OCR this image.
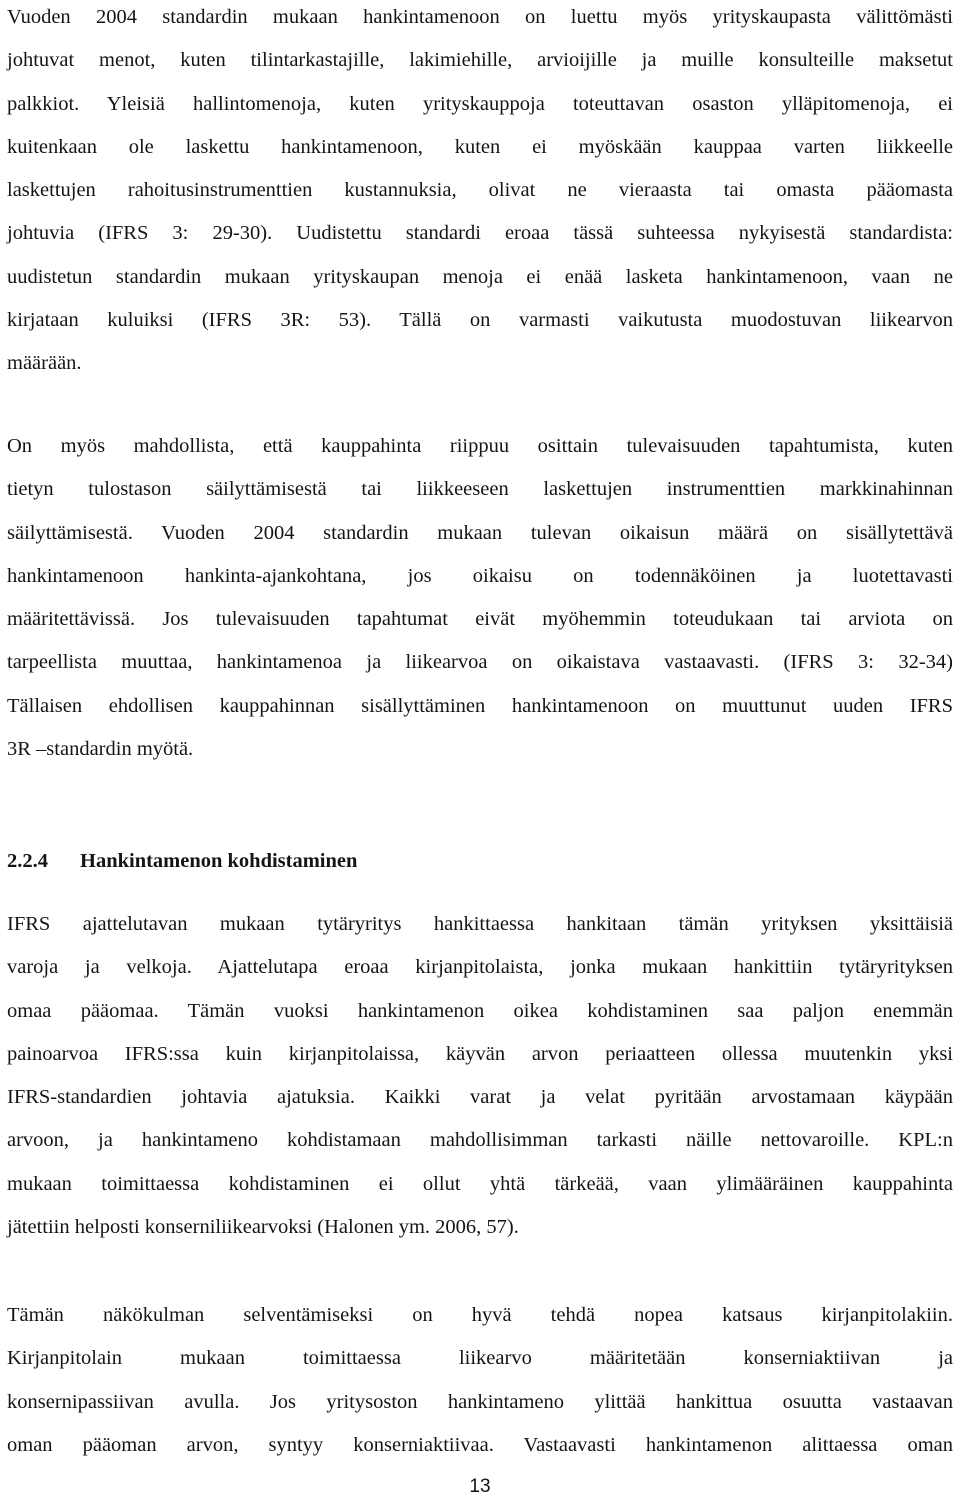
Vuoden 2004 standardin mukaan hankintamenoon on luettu myös yrityskaupasta välittömästi
johtuvat menot, kuten tilintarkastajille, lakimiehille, arvioijille ja muille konsulteille maksetut
palkkiot. Yleisiä hallintomenoja, kuten yrityskauppoja toteuttavan osaston ylläpitomenoja, ei
kuitenkaan ole laskettu hankintamenoon, kuten ei myöskään kauppaa varten liikkeelle
laskettujen rahoitusinstrumenttien kustannuksia, olivat ne vieraasta tai omasta pääomasta
johtuvia (IFRS 3: 29-30). Uudistettu standardi eroaa tässä suhteessa nykyisestä standardista:
uudistetun standardin mukaan yrityskaupan menoja ei enää lasketa hankintamenoon, vaan ne
kirjataan kuluiksi (IFRS 3R: 53). Tällä on varmasti vaikutusta muodostuvan liikearvon
määrään.

On myös mahdollista, että kauppahinta riippuu osittain tulevaisuuden tapahtumista, kuten
tietyn tulostason säilyttämisestä tai liikkeeseen laskettujen instrumenttien markkinahinnan
säilyttämisestä. Vuoden 2004 standardin mukaan tulevan oikaisun määrä on sisällytettävä
hankintamenoon hankinta-ajankohtana, jos oikaisu on todennäköinen ja luotettavasti
määritettävissä. Jos tulevaisuuden tapahtumat eivät myöhemmin toteudukaan tai arviota on
tarpeellista muuttaa, hankintamenoa ja liikearvoa on oikaistava vastaavasti. (IFRS 3: 32-34)
Tällaisen ehdollisen kauppahinnan sisällyttäminen hankintamenoon on muuttunut uuden IFRS
3R –standardin myötä.

2.2.4 Hankintamenon kohdistaminen

IFRS ajattelutavan mukaan tytäryritys hankittaessa hankitaan tämän yrityksen yksittäisiä
varoja ja velkoja. Ajattelutapa eroaa kirjanpitolaista, jonka mukaan hankittiin tytäryrityksen
omaa pääomaa. Tämän vuoksi hankintamenon oikea kohdistaminen saa paljon enemmän
painoarvoa IFRS:ssa kuin kirjanpitolaissa, käyvän arvon periaatteen ollessa muutenkin yksi
IFRS-standardien johtavia ajatuksia. Kaikki varat ja velat pyritään arvostamaan käypään
arvoon, ja hankintameno kohdistamaan mahdollisimman tarkasti näille nettovaroille. KPL:n
mukaan toimittaessa kohdistaminen ei ollut yhtä tärkeää, vaan ylimääräinen kauppahinta
jätettiin helposti konserniliikearvoksi (Halonen ym. 2006, 57).

Tämän näkökulman selventämiseksi on hyvä tehdä nopea katsaus kirjanpitolakiin.
Kirjanpitolain mukaan toimittaessa liikearvo määritetään konserniaktiivan ja
konsernipassiivan avulla. Jos yritysoston hankintameno ylittää hankittua osuutta vastaavan
oman pääoman arvon, syntyy konserniaktiivaa. Vastaavasti hankintamenon alittaessa oman

13
